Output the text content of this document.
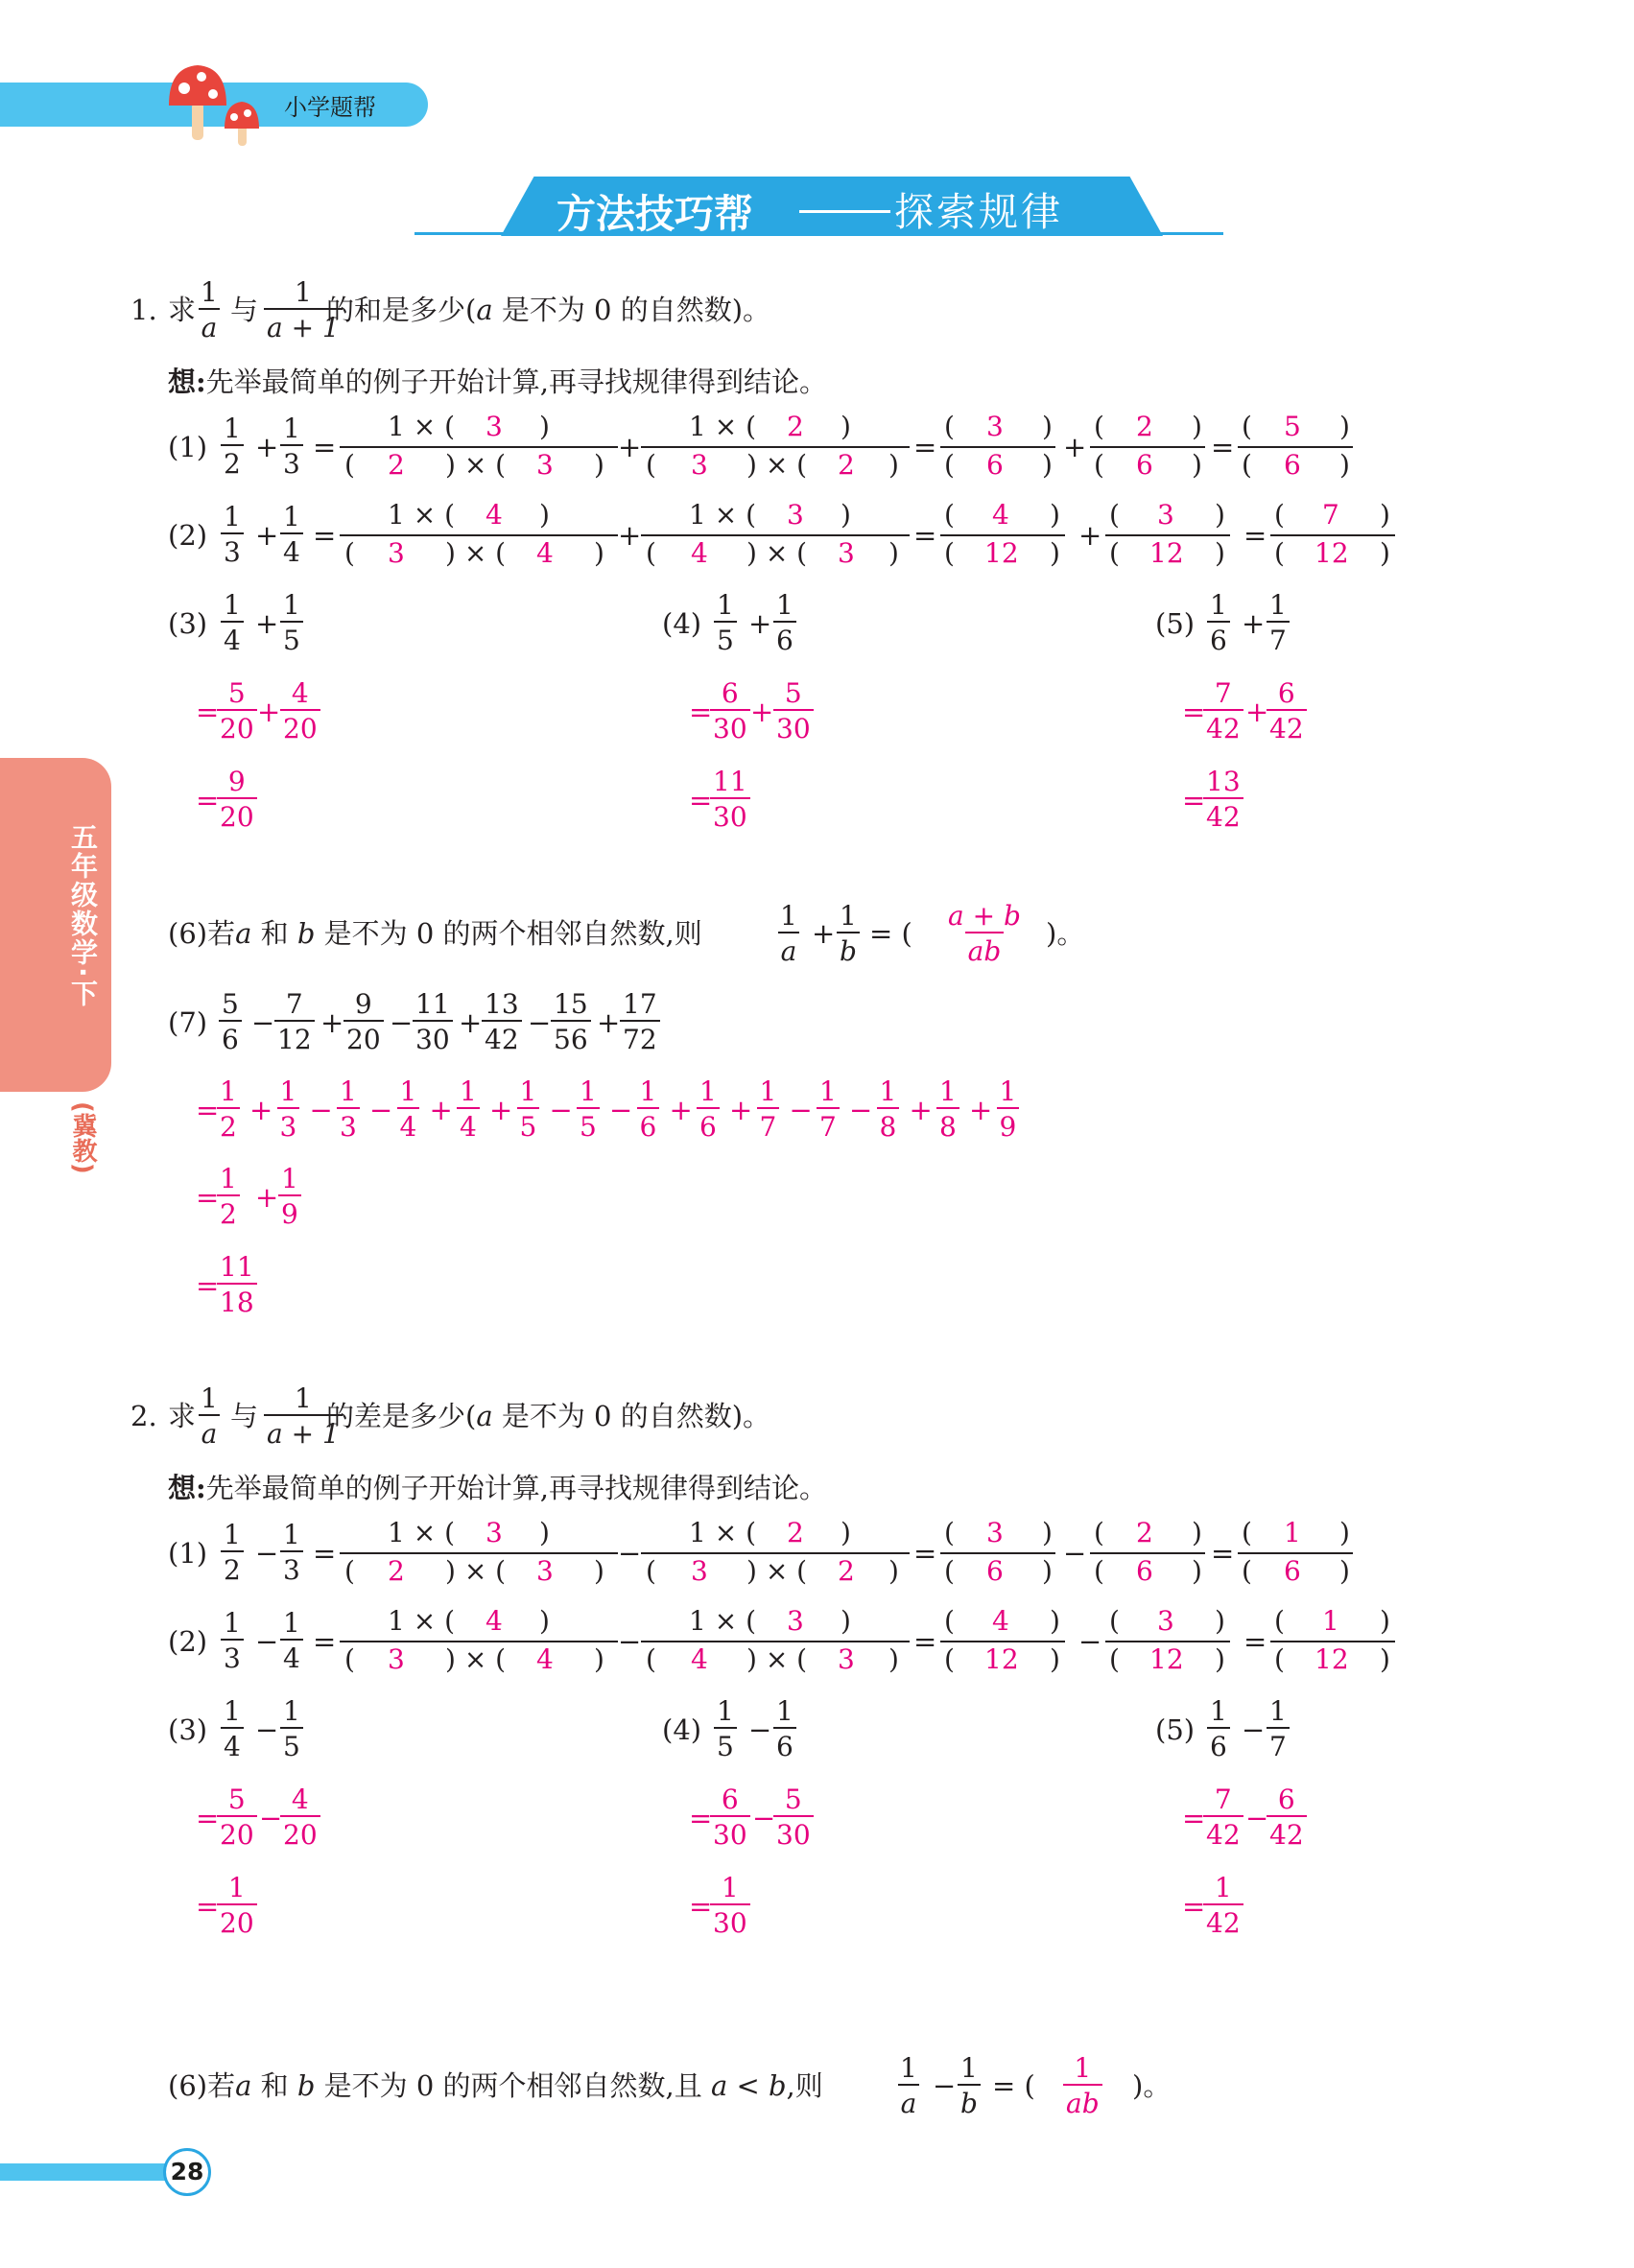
小学题帮
方法技巧帮	探索规律
五年级数学·下
(冀教)
1. 求 $\frac{1}{a}$ 与 $\frac{1}{a + 1}$
的和是多少(a 是不为 0 的自然数)。
想:先举最简单的例子开始计算,再寻找规律得到结论。
$(1) \frac{1}{2} + \frac{1}{3}$ =
1 × ( 3 )
( 2 ) × ( 3 )
+
1 × ( 2 )
( 3 ) × ( 2 )
=
( 3 )
( 6 )
+
( 2 )
( 6 )
=
( 5 )
( 6 )
$(2) \frac{1}{3} + \frac{1}{4}$ =
1 × ( 4 )
( 3 ) × ( 4 )
+
1 × ( 3 )
( 4 ) × ( 3 )
=
( 4 )
( 12 )
+
( 3 )
( 12 )
=
( 7 )
( 12 )
$(3) \frac{1}{4} + \frac{1}{5}$
=
$\frac{5}{20} + \frac{4}{20}$
=
$\frac{9}{20}$
$(4) \frac{1}{5} + \frac{1}{6}$
=
$\frac{6}{30} + \frac{5}{30}$
=
$\frac{11}{30}$
$(5) \frac{1}{6} + \frac{1}{7}$
=
$\frac{7}{42}$ +
$\frac{6}{42}$
=
$\frac{13}{42}$
(6)若a 和 b 是不为 0 的两个相邻自然数,则	$\frac{1}{a} + \frac{1}{b}$ = ( $\frac{a + b}{ab}$ )。
$(7) \frac{5}{6} - \frac{7}{12} + \frac{9}{20} - \frac{11}{30} + \frac{13}{42} - \frac{15}{56} + \frac{17}{72}$
=
$\frac{1}{2} + \frac{1}{3} - \frac{1}{3} - \frac{1}{4} + \frac{1}{4} + \frac{1}{5} - \frac{1}{5} - \frac{1}{6} + \frac{1}{6} + \frac{1}{7} - \frac{1}{7} - \frac{1}{8} + \frac{1}{8} + \frac{1}{9}$
=
$\frac{1}{2} + \frac{1}{9}$
=
$\frac{11}{18}$
2. 求 $\frac{1}{a}$ 与 $\frac{1}{a + 1}$
的差是多少(a 是不为 0 的自然数)。
想:先举最简单的例子开始计算,再寻找规律得到结论。
$(1) \frac{1}{2} - \frac{1}{3}$ =
1 × ( 3 )
( 2 ) × ( 3 )
−
1 × ( 2 )
( 3 ) × ( 2 )
=
( 3 )
( 6 )
−
( 2 )
( 6 )
=
( 1 )
( 6 )
$(2) \frac{1}{3} - \frac{1}{4}$ =
1 × ( 4 )
( 3 ) × ( 4 )
−
1 × ( 3 )
( 4 ) × ( 3 )
=
( 4 )
( 12 )
−
( 3 )
( 12 )
=
( 1 )
( 12 )
$(3) \frac{1}{4} - \frac{1}{5}$
=
$\frac{5}{20}$ −
$\frac{4}{20}$
=
$\frac{1}{20}$
$(4) \frac{1}{5} - \frac{1}{6}$
=
$\frac{6}{30}$ −
$\frac{5}{30}$
=
$\frac{1}{30}$
$(5) \frac{1}{6} - \frac{1}{7}$
=
$\frac{7}{42}$ −
$\frac{6}{42}$
=
$\frac{1}{42}$
(6)若a 和 b 是不为 0 的两个相邻自然数,且 a < b,则	$\frac{1}{a} - \frac{1}{b}$ = ( $\frac{1}{ab}$ )。
28
